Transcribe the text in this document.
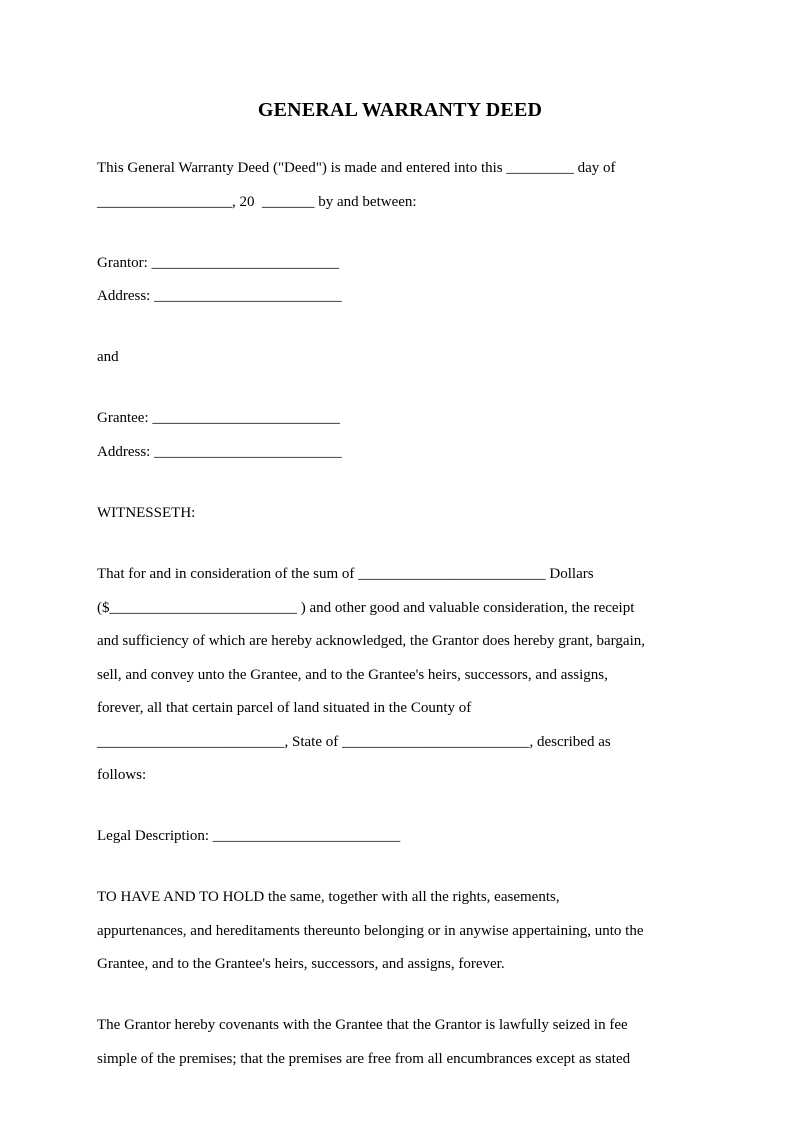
GENERAL WARRANTY DEED
This General Warranty Deed ("Deed") is made and entered into this _________ day of
__________________, 20  _______ by and between:
Grantor: _________________________
Address: _________________________
and
Grantee: _________________________
Address: _________________________
WITNESSETH:
That for and in consideration of the sum of _________________________ Dollars
($_________________________ ) and other good and valuable consideration, the receipt
and sufficiency of which are hereby acknowledged, the Grantor does hereby grant, bargain,
sell, and convey unto the Grantee, and to the Grantee's heirs, successors, and assigns,
forever, all that certain parcel of land situated in the County of
_________________________, State of _________________________, described as
follows:
Legal Description: _________________________
TO HAVE AND TO HOLD the same, together with all the rights, easements,
appurtenances, and hereditaments thereunto belonging or in anywise appertaining, unto the
Grantee, and to the Grantee's heirs, successors, and assigns, forever.
The Grantor hereby covenants with the Grantee that the Grantor is lawfully seized in fee
simple of the premises; that the premises are free from all encumbrances except as stated
